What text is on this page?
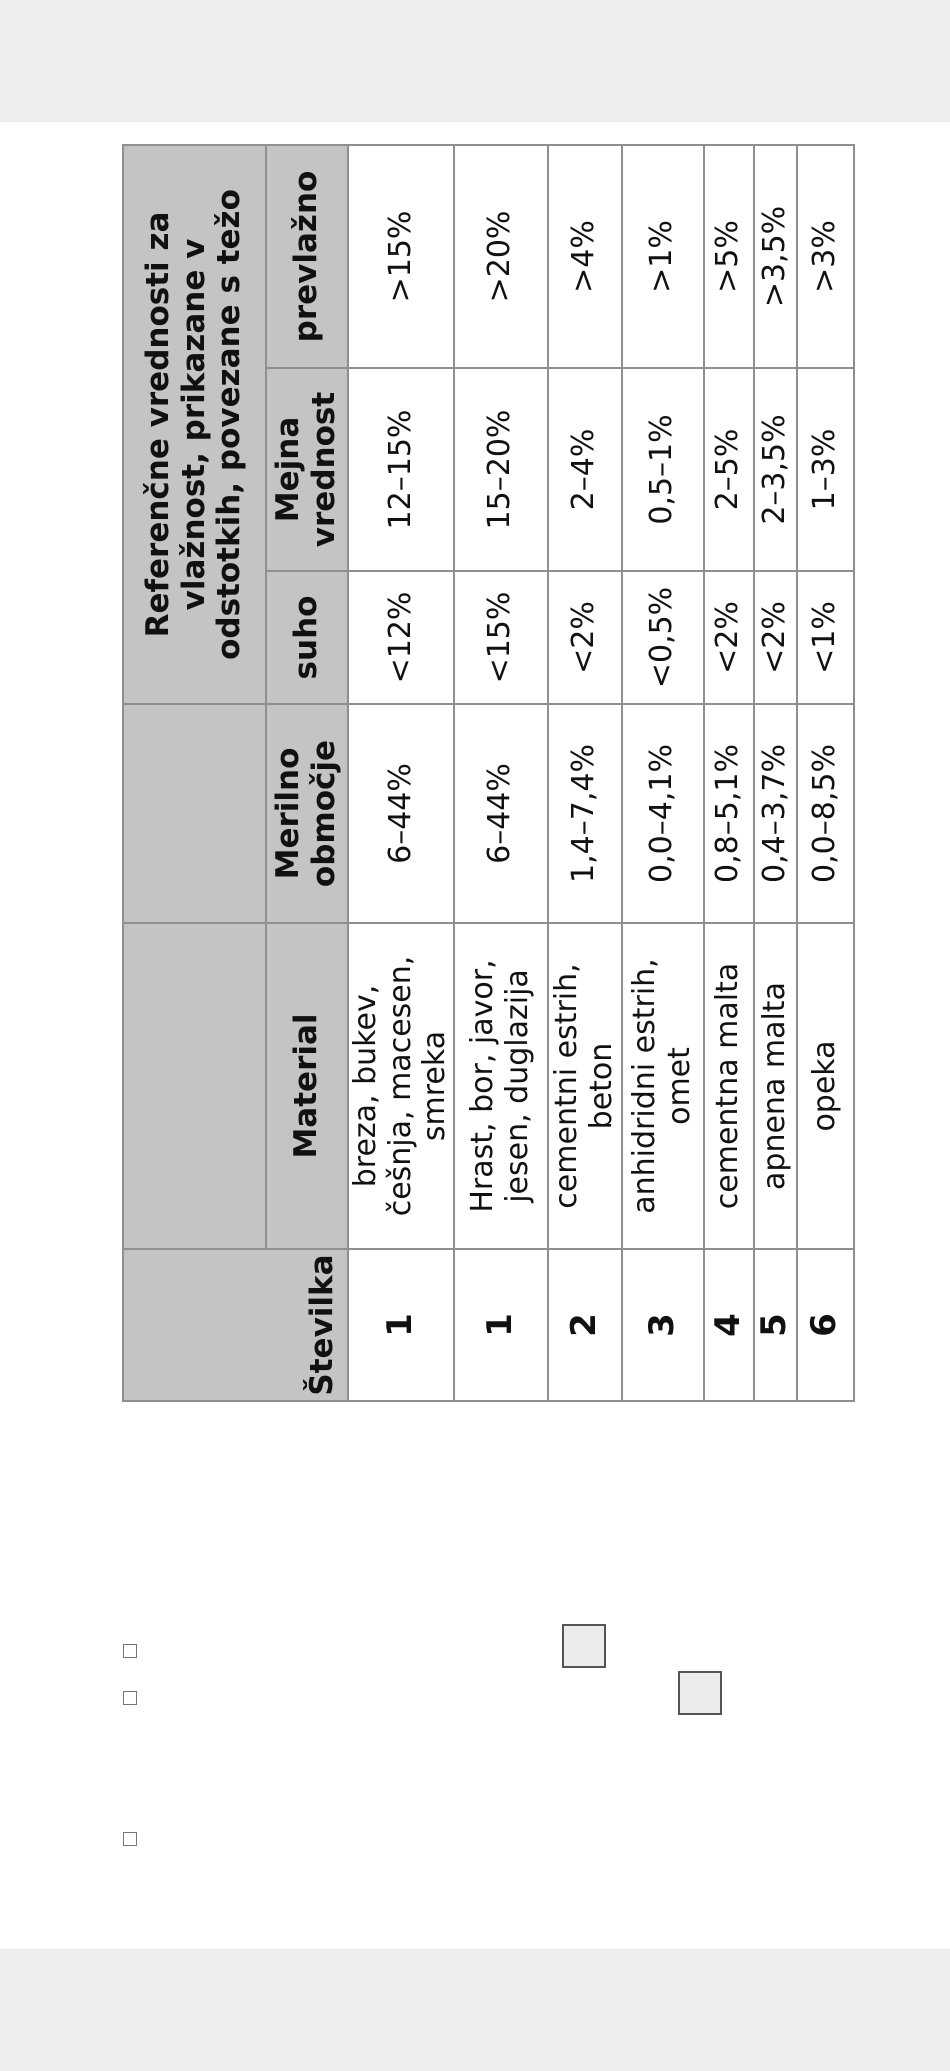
			Referenčne vrednosti za vlažnost, prikazane v odstotkih, povezane s težo		
Številka	Material	Merilno območje	suho	Mejna vrednost	prevlažno
1	breza, bukev, češnja, macesen, smreka	6–44%	<12%	12–15%	>15%
1	Hrast, bor, javor, jesen, duglazija	6–44%	<15%	15–20%	>20%
2	cementni estrih, beton	1,4–7,4%	<2%	2–4%	>4%
3	anhidridni estrih, omet	0,0–4,1%	<0,5%	0,5–1%	>1%
4	cementna malta	0,8–5,1%	<2%	2–5%	>5%
5	apnena malta	0,4–3,7%	<2%	2–3,5%	>3,5%
6	opeka	0,0–8,5%	<1%	1–3%	>3%
